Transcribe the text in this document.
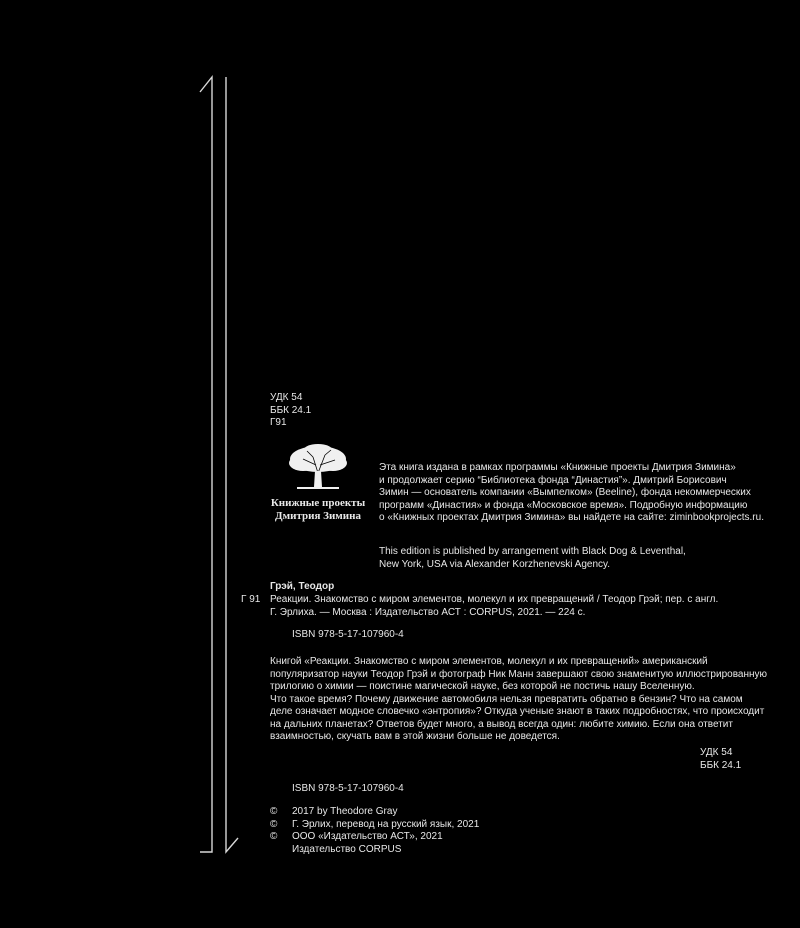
УДК 54
ББК 24.1
Г91
Книжные проекты
Дмитрия Зимина
Эта книга издана в рамках программы «Книжные проекты Дмитрия Зимина»
и продолжает серию “Библиотека фонда “Династия”». Дмитрий Борисович
Зимин — основатель компании «Вымпелком» (Beeline), фонда некоммерческих
программ «Династия» и фонда «Московское время». Подробную информацию
о «Книжных проектах Дмитрия Зимина» вы найдете на сайте: ziminbookprojects.ru.
This edition is published by arrangement with Black Dog & Leventhal,
New York, USA via Alexander Korzhenevski Agency.
Грэй, Теодор
Г 91 Реакции. Знакомство с миром элементов, молекул и их превращений / Теодор Грэй; пер. с англ.
Г. Эрлиха. — Москва : Издательство АСТ : CORPUS, 2021. — 224 с.
ISBN 978-5-17-107960-4
Книгой «Реакции. Знакомство с миром элементов, молекул и их превращений» американский
популяризатор науки Теодор Грэй и фотограф Ник Манн завершают свою знаменитую иллюстрированную
трилогию о химии — поистине магической науке, без которой не постичь нашу Вселенную.
Что такое время? Почему движение автомобиля нельзя превратить обратно в бензин? Что на самом
деле означает модное словечко «энтропия»? Откуда ученые знают в таких подробностях, что происходит
на дальних планетах? Ответов будет много, а вывод всегда один: любите химию. Если она ответит
взаимностью, скучать вам в этой жизни больше не доведется.
УДК 54
ББК 24.1
ISBN 978-5-17-107960-4
© 2017 by Theodore Gray
© Г. Эрлих, перевод на русский язык, 2021
© ООО «Издательство АСТ», 2021
Издательство CORPUS
